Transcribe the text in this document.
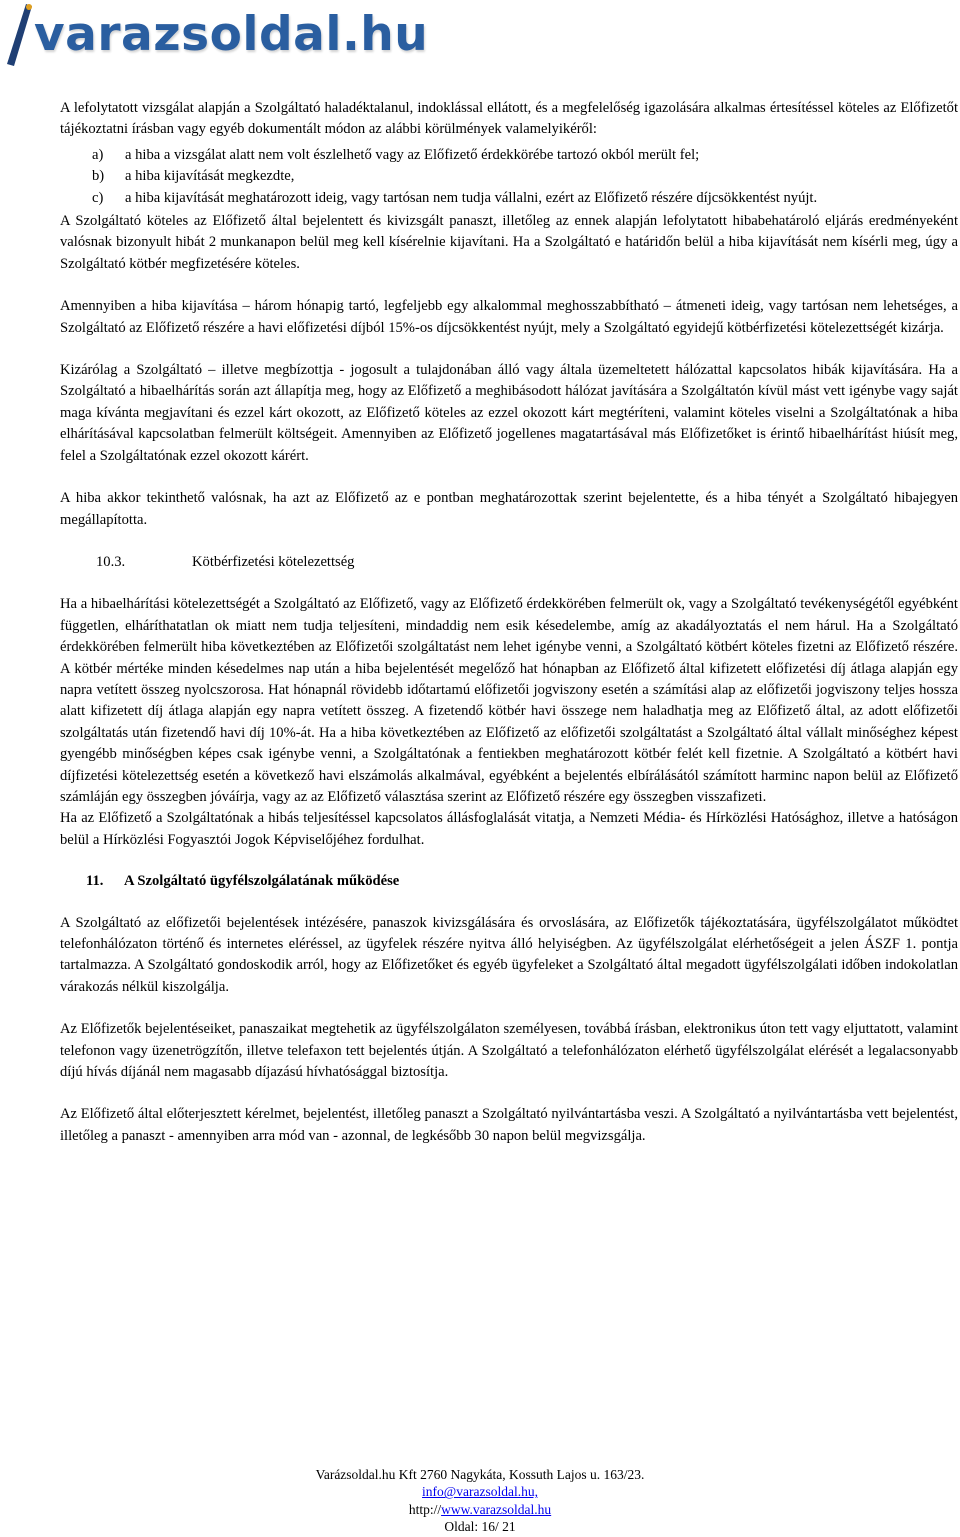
varazsoldal.hu

A lefolytatott vizsgálat alapján a Szolgáltató haladéktalanul, indoklással ellátott, és a megfelelőség igazolására alkalmas értesítéssel köteles az Előfizetőt tájékoztatni írásban vagy egyéb dokumentált módon az alábbi körülmények valamelyikéről:

a) a hiba a vizsgálat alatt nem volt észlelhető vagy az Előfizető érdekkörébe tartozó okból merült fel;
b) a hiba kijavítását megkezdte,
c) a hiba kijavítását meghatározott ideig, vagy tartósan nem tudja vállalni, ezért az Előfizető részére díjcsökkentést nyújt.

A Szolgáltató köteles az Előfizető által bejelentett és kivizsgált panaszt, illetőleg az ennek alapján lefolytatott hibabehatároló eljárás eredményeként valósnak bizonyult hibát 2 munkanapon belül meg kell kísérelnie kijavítani. Ha a Szolgáltató e határidőn belül a hiba kijavítását nem kísérli meg, úgy a Szolgáltató kötbér megfizetésére köteles.

Amennyiben a hiba kijavítása – három hónapig tartó, legfeljebb egy alkalommal meghosszabbítható – átmeneti ideig, vagy tartósan nem lehetséges, a Szolgáltató az Előfizető részére a havi előfizetési díjból 15%-os díjcsökkentést nyújt, mely a Szolgáltató egyidejű kötbérfizetési kötelezettségét kizárja.

Kizárólag a Szolgáltató – illetve megbízottja - jogosult a tulajdonában álló vagy általa üzemeltetett hálózattal kapcsolatos hibák kijavítására. Ha a Szolgáltató a hibaelhárítás során azt állapítja meg, hogy az Előfizető a meghibásodott hálózat javítására a Szolgáltatón kívül mást vett igénybe vagy saját maga kívánta megjavítani és ezzel kárt okozott, az Előfizető köteles az ezzel okozott kárt megtéríteni, valamint köteles viselni a Szolgáltatónak a hiba elhárításával kapcsolatban felmerült költségeit. Amennyiben az Előfizető jogellenes magatartásával más Előfizetőket is érintő hibaelhárítást hiúsít meg, felel a Szolgáltatónak ezzel okozott kárért.

A hiba akkor tekinthető valósnak, ha azt az Előfizető az e pontban meghatározottak szerint bejelentette, és a hiba tényét a Szolgáltató hibajegyen megállapította.

10.3.	Kötbérfizetési kötelezettség

Ha a hibaelhárítási kötelezettségét a Szolgáltató az Előfizető, vagy az Előfizető érdekkörében felmerült ok, vagy a Szolgáltató tevékenységétől egyébként független, elháríthatatlan ok miatt nem tudja teljesíteni, mindaddig nem esik késedelembe, amíg az akadályoztatás el nem hárul. Ha a Szolgáltató érdekkörében felmerült hiba következtében az Előfizetői szolgáltatást nem lehet igénybe venni, a Szolgáltató kötbért köteles fizetni az Előfizető részére. A kötbér mértéke minden késedelmes nap után a hiba bejelentését megelőző hat hónapban az Előfizető által kifizetett előfizetési díj átlaga alapján egy napra vetített összeg nyolcszorosa. Hat hónapnál rövidebb időtartamú előfizetői jogviszony esetén a számítási alap az előfizetői jogviszony teljes hossza alatt kifizetett díj átlaga alapján egy napra vetített összeg. A fizetendő kötbér havi összege nem haladhatja meg az Előfizető által, az adott előfizetői szolgáltatás után fizetendő havi díj 10%-át. Ha a hiba következtében az Előfizető az előfizetői szolgáltatást a Szolgáltató által vállalt minőséghez képest gyengébb minőségben képes csak igénybe venni, a Szolgáltatónak a fentiekben meghatározott kötbér felét kell fizetnie. A Szolgáltató a kötbért havi díjfizetési kötelezettség esetén a következő havi elszámolás alkalmával, egyébként a bejelentés elbírálásától számított harminc napon belül az Előfizető számláján egy összegben jóváírja, vagy az az Előfizető választása szerint az Előfizető részére egy összegben visszafizeti.

Ha az Előfizető a Szolgáltatónak a hibás teljesítéssel kapcsolatos állásfoglalását vitatja, a Nemzeti Média- és Hírközlési Hatósághoz, illetve a hatóságon belül a Hírközlési Fogyasztói Jogok Képviselőjéhez fordulhat.

11. A Szolgáltató ügyfélszolgálatának működése

A Szolgáltató az előfizetői bejelentések intézésére, panaszok kivizsgálására és orvoslására, az Előfizetők tájékoztatására, ügyfélszolgálatot működtet telefonhálózaton történő és internetes eléréssel, az ügyfelek részére nyitva álló helyiségben. Az ügyfélszolgálat elérhetőségeit a jelen ÁSZF 1. pontja tartalmazza. A Szolgáltató gondoskodik arról, hogy az Előfizetőket és egyéb ügyfeleket a Szolgáltató által megadott ügyfélszolgálati időben indokolatlan várakozás nélkül kiszolgálja.

Az Előfizetők bejelentéseiket, panaszaikat megtehetik az ügyfélszolgálaton személyesen, továbbá írásban, elektronikus úton tett vagy eljuttatott, valamint telefonon vagy üzenetrögzítőn, illetve telefaxon tett bejelentés útján. A Szolgáltató a telefonhálózaton elérhető ügyfélszolgálat elérését a legalacsonyabb díjú hívás díjánál nem magasabb díjazású hívhatósággal biztosítja.

Az Előfizető által előterjesztett kérelmet, bejelentést, illetőleg panaszt a Szolgáltató nyilvántartásba veszi. A Szolgáltató a nyilvántartásba vett bejelentést, illetőleg a panaszt - amennyiben arra mód van - azonnal, de legkésőbb 30 napon belül megvizsgálja.

Varázsoldal.hu Kft 2760 Nagykáta, Kossuth Lajos u. 163/23.
info@varazsoldal.hu,
http://www.varazsoldal.hu
Oldal: 16/ 21
